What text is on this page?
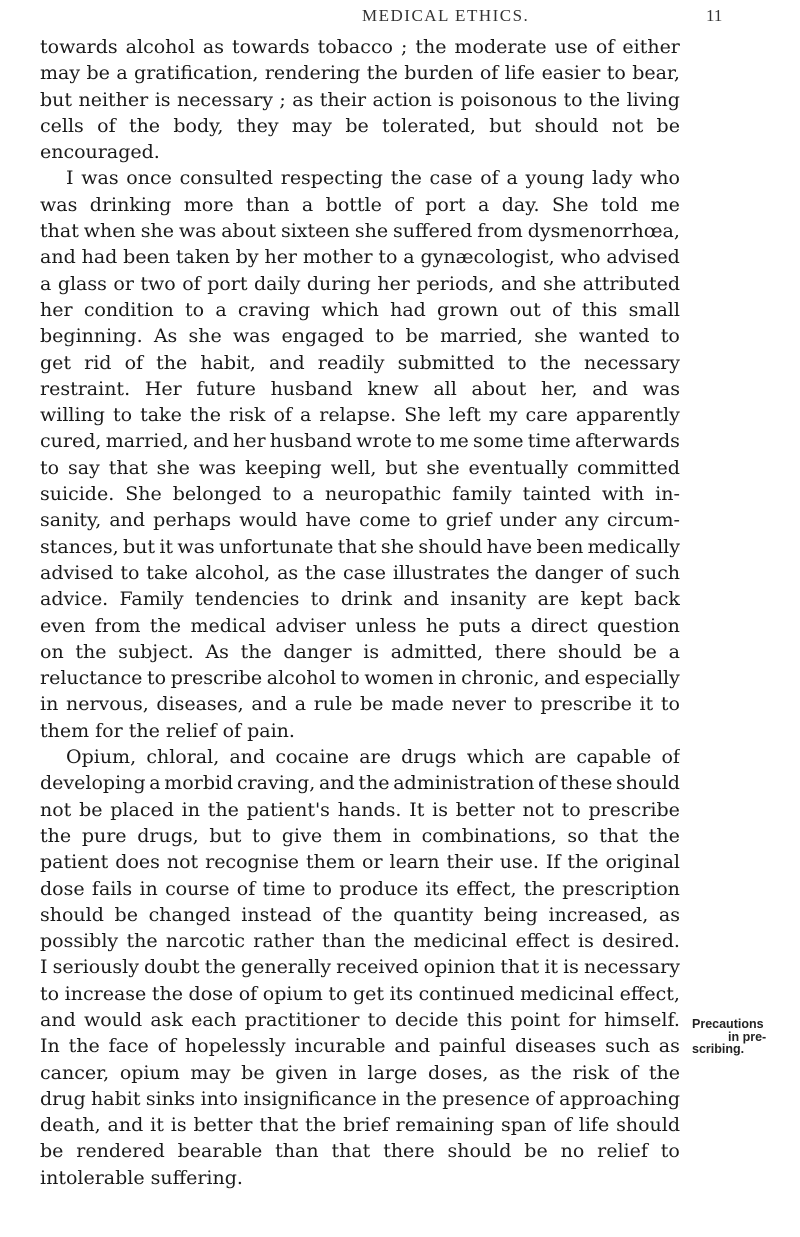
MEDICAL ETHICS.	11
towards alcohol as towards tobacco ; the moderate use of either
may be a gratification, rendering the burden of life easier to bear,
but neither is necessary ; as their action is poisonous to the living
cells of the body, they may be tolerated, but should not be
encouraged.
I was once consulted respecting the case of a young lady who
was drinking more than a bottle of port a day. She told me
that when she was about sixteen she suffered from dysmenorrhœa,
and had been taken by her mother to a gynæcologist, who advised
a glass or two of port daily during her periods, and she attributed
her condition to a craving which had grown out of this small
beginning. As she was engaged to be married, she wanted to
get rid of the habit, and readily submitted to the necessary
restraint. Her future husband knew all about her, and was
willing to take the risk of a relapse. She left my care apparently
cured, married, and her husband wrote to me some time afterwards
to say that she was keeping well, but she eventually committed
suicide. She belonged to a neuropathic family tainted with in-
sanity, and perhaps would have come to grief under any circum-
stances, but it was unfortunate that she should have been medically
advised to take alcohol, as the case illustrates the danger of such
advice. Family tendencies to drink and insanity are kept back
even from the medical adviser unless he puts a direct question
on the subject. As the danger is admitted, there should be a
reluctance to prescribe alcohol to women in chronic, and especially
in nervous, diseases, and a rule be made never to prescribe it to
them for the relief of pain.
Opium, chloral, and cocaine are drugs which are capable of
developing a morbid craving, and the administration of these should
not be placed in the patient's hands. It is better not to prescribe
the pure drugs, but to give them in combinations, so that the
patient does not recognise them or learn their use. If the original
dose fails in course of time to produce its effect, the prescription
should be changed instead of the quantity being increased, as
possibly the narcotic rather than the medicinal effect is desired.
I seriously doubt the generally received opinion that it is necessary
to increase the dose of opium to get its continued medicinal effect,
and would ask each practitioner to decide this point for himself.
In the face of hopelessly incurable and painful diseases such as
cancer, opium may be given in large doses, as the risk of the
drug habit sinks into insignificance in the presence of approaching
death, and it is better that the brief remaining span of life should
be rendered bearable than that there should be no relief to
intolerable suffering.
Precautions
in pre-
scribing.
